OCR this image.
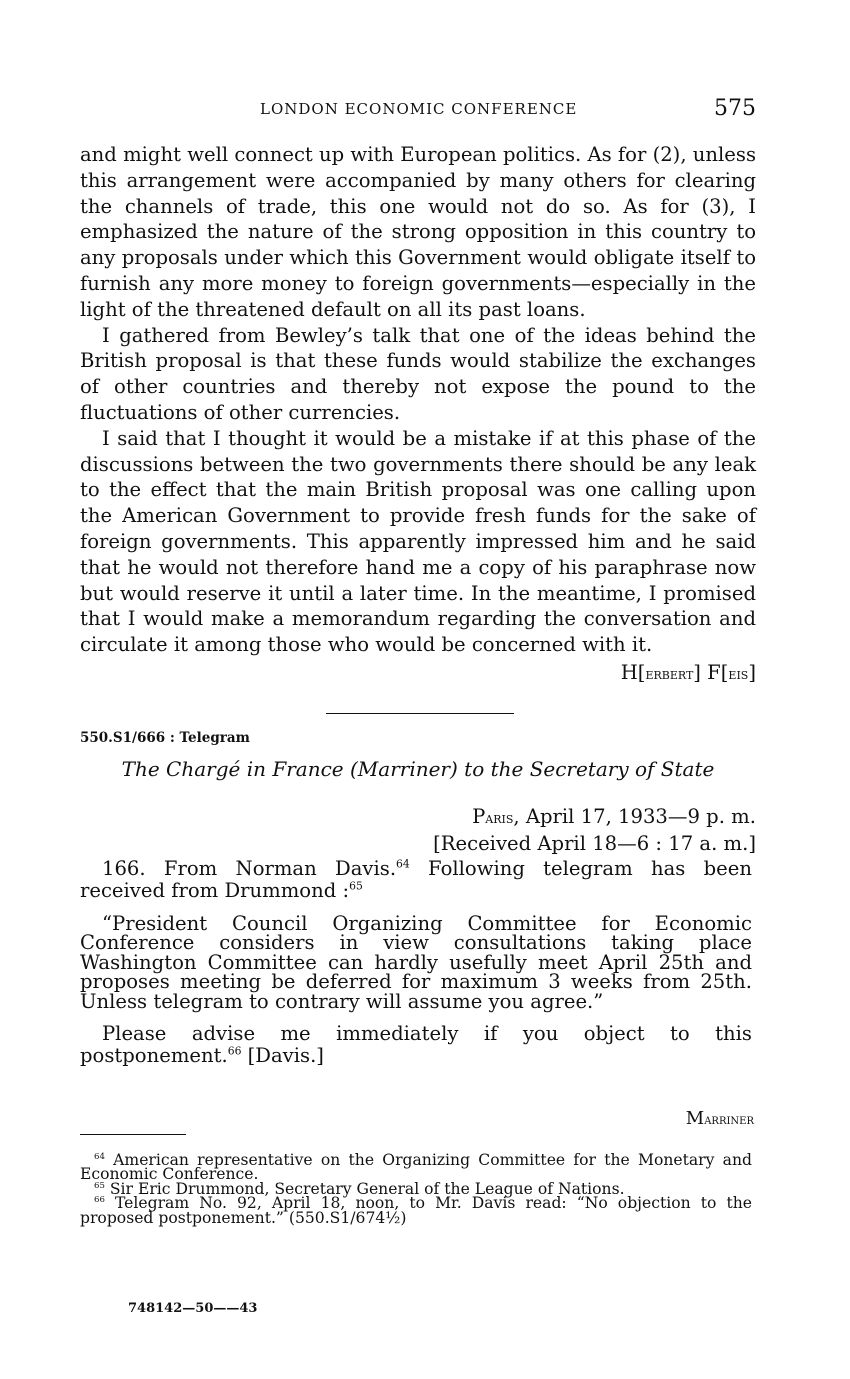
LONDON ECONOMIC CONFERENCE	575

and might well connect up with European politics. As for (2), unless this arrangement were accompanied by many others for clearing the channels of trade, this one would not do so. As for (3), I emphasized the nature of the strong opposition in this country to any proposals under which this Government would obligate itself to furnish any more money to foreign governments—especially in the light of the threatened default on all its past loans.

I gathered from Bewley’s talk that one of the ideas behind the British proposal is that these funds would stabilize the exchanges of other countries and thereby not expose the pound to the fluctuations of other currencies.

I said that I thought it would be a mistake if at this phase of the discussions between the two governments there should be any leak to the effect that the main British proposal was one calling upon the American Government to provide fresh funds for the sake of foreign governments. This apparently impressed him and he said that he would not therefore hand me a copy of his paraphrase now but would reserve it until a later time. In the meantime, I promised that I would make a memorandum regarding the conversation and circulate it among those who would be concerned with it.

H[erbert] F[eis]
550.S1/666 : Telegram
The Chargé in France (Marriner) to the Secretary of State
Paris, April 17, 1933—9 p. m.
[Received April 18—6 : 17 a. m.]

166. From Norman Davis.$^{64}$ Following telegram has been received from Drummond :$^{65}$

“President Council Organizing Committee for Economic Conference considers in view consultations taking place Washington Committee can hardly usefully meet April 25th and proposes meeting be deferred for maximum 3 weeks from 25th. Unless telegram to contrary will assume you agree.”

Please advise me immediately if you object to this postponement.$^{66}$ [Davis.]

Marriner

$^{64}$ American representative on the Organizing Committee for the Monetary and Economic Conference.

$^{65}$ Sir Eric Drummond, Secretary General of the League of Nations.

$^{66}$ Telegram No. 92, April 18, noon, to Mr. Davis read: “No objection to the proposed postponement.” (550.S1/674½)

748142—50——43
